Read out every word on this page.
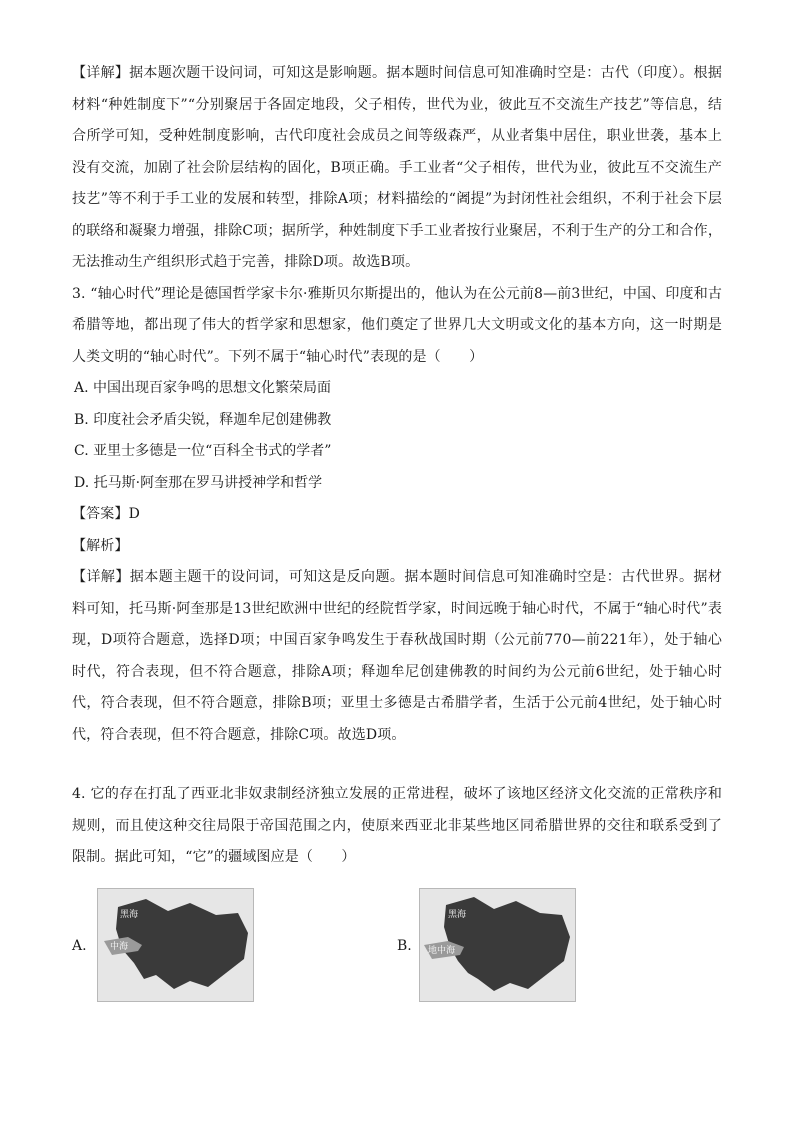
【详解】据本题次题干设问词，可知这是影响题。据本题时间信息可知准确时空是：古代（印度）。根据材料“种姓制度下”“分别聚居于各固定地段，父子相传，世代为业，彼此互不交流生产技艺”等信息，结合所学可知，受种姓制度影响，古代印度社会成员之间等级森严，从业者集中居住，职业世袭，基本上没有交流，加剧了社会阶层结构的固化，B项正确。手工业者“父子相传，世代为业，彼此互不交流生产技艺”等不利于手工业的发展和转型，排除A项；材料描绘的“阇提”为封闭性社会组织，不利于社会下层的联络和凝聚力增强，排除C项；据所学，种姓制度下手工业者按行业聚居，不利于生产的分工和合作，无法推动生产组织形式趋于完善，排除D项。故选B项。

3. “轴心时代”理论是德国哲学家卡尔·雅斯贝尔斯提出的，他认为在公元前8—前3世纪，中国、印度和古希腊等地，都出现了伟大的哲学家和思想家，他们奠定了世界几大文明或文化的基本方向，这一时期是人类文明的“轴心时代”。下列不属于“轴心时代”表现的是（　　）

A. 中国出现百家争鸣的思想文化繁荣局面

B. 印度社会矛盾尖锐，释迦牟尼创建佛教

C. 亚里士多德是一位“百科全书式的学者”

D. 托马斯·阿奎那在罗马讲授神学和哲学

【答案】D

【解析】

【详解】据本题主题干的设问词，可知这是反向题。据本题时间信息可知准确时空是：古代世界。据材料可知，托马斯·阿奎那是13世纪欧洲中世纪的经院哲学家，时间远晚于轴心时代，不属于“轴心时代”表现，D项符合题意，选择D项；中国百家争鸣发生于春秋战国时期（公元前770—前221年），处于轴心时代，符合表现，但不符合题意，排除A项；释迦牟尼创建佛教的时间约为公元前6世纪，处于轴心时代，符合表现，但不符合题意，排除B项；亚里士多德是古希腊学者，生活于公元前4世纪，处于轴心时代，符合表现，但不符合题意，排除C项。故选D项。

4. 它的存在打乱了西亚北非奴隶制经济独立发展的正常进程，破坏了该地区经济文化交流的正常秩序和规则，而且使这种交往局限于帝国范围之内，使原来西亚北非某些地区同希腊世界的交往和联系受到了限制。据此可知，“它”的疆域图应是（　　）

A.
黑海
中海	B.
黑海
地中海
